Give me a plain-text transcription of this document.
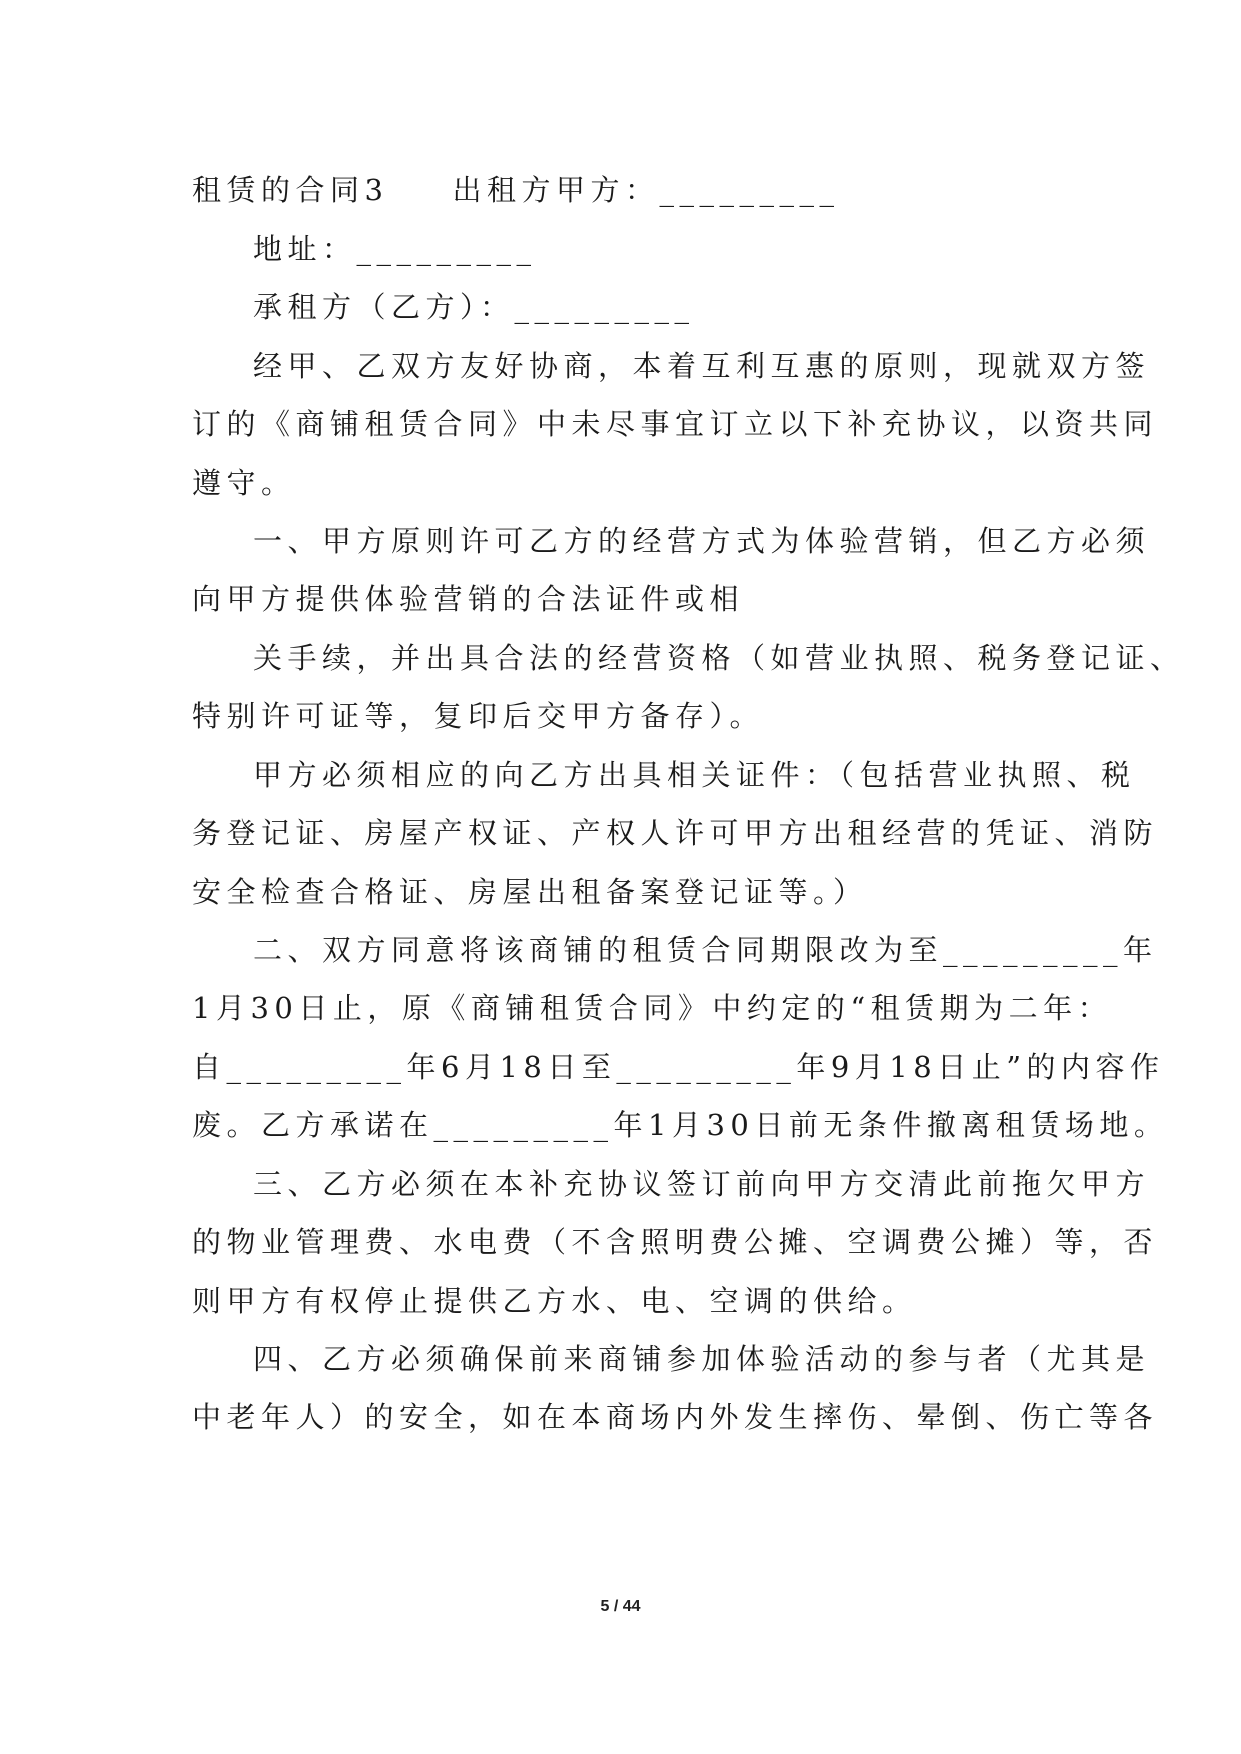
租赁的合同3 出租方甲方：_________
地址：_________
承租方（乙方）：_________
经甲、乙双方友好协商，本着互利互惠的原则，现就双方签
订的《商铺租赁合同》中未尽事宜订立以下补充协议，以资共同
遵守。
一、甲方原则许可乙方的经营方式为体验营销，但乙方必须
向甲方提供体验营销的合法证件或相
关手续，并出具合法的经营资格（如营业执照、税务登记证、
特别许可证等，复印后交甲方备存）。
甲方必须相应的向乙方出具相关证件：（包括营业执照、税
务登记证、房屋产权证、产权人许可甲方出租经营的凭证、消防
安全检查合格证、房屋出租备案登记证等。）
二、双方同意将该商铺的租赁合同期限改为至_________年
1月30日止，原《商铺租赁合同》中约定的“租赁期为二年：
自_________年6月18日至_________年9月18日止”的内容作
废。乙方承诺在_________年1月30日前无条件撤离租赁场地。
三、乙方必须在本补充协议签订前向甲方交清此前拖欠甲方
的物业管理费、水电费（不含照明费公摊、空调费公摊）等，否
则甲方有权停止提供乙方水、电、空调的供给。
四、乙方必须确保前来商铺参加体验活动的参与者（尤其是
中老年人）的安全，如在本商场内外发生摔伤、晕倒、伤亡等各
5 / 44
